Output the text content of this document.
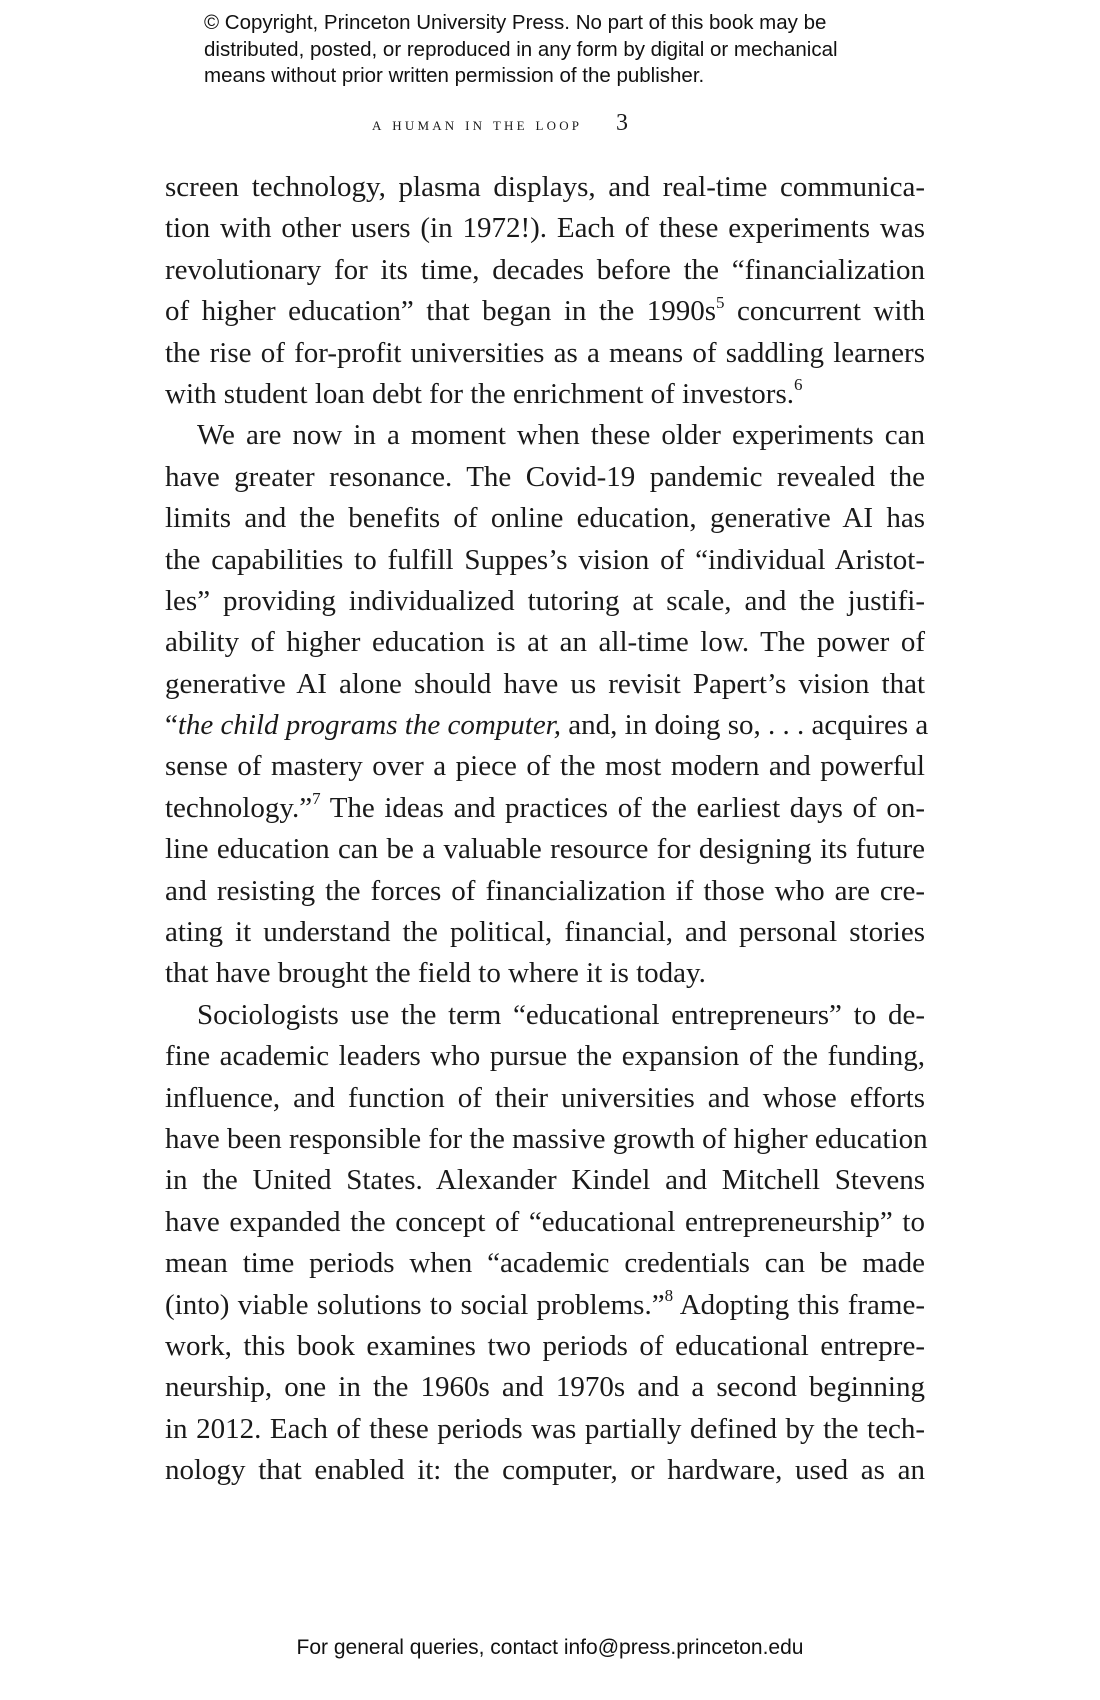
© Copyright, Princeton University Press. No part of this book may be
distributed, posted, or reproduced in any form by digital or mechanical
means without prior written permission of the publisher.
a human in the loop 3
screen technology, plasma displays, and real-time communica-
tion with other users (in 1972!). Each of these experiments was
revolutionary for its time, decades before the “financialization
of higher education” that began in the $1990s^5$ concurrent with
the rise of for-profit universities as a means of saddling learners
with student loan debt for the enrichment of investors.$^6$
We are now in a moment when these older experiments can
have greater resonance. The Covid-19 pandemic revealed the
limits and the benefits of online education, generative AI has
the capabilities to fulfill Suppes’s vision of “individual Aristot-
les” providing individualized tutoring at scale, and the justifi-
ability of higher education is at an all-time low. The power of
generative AI alone should have us revisit Papert’s vision that
“the child programs the computer, and, in doing so, . . . acquires a
sense of mastery over a piece of the most modern and powerful
technology.”$^7$ The ideas and practices of the earliest days of on-
line education can be a valuable resource for designing its future
and resisting the forces of financialization if those who are cre-
ating it understand the political, financial, and personal stories
that have brought the field to where it is today.
Sociologists use the term “educational entrepreneurs” to de-
fine academic leaders who pursue the expansion of the funding,
influence, and function of their universities and whose efforts
have been responsible for the massive growth of higher education
in the United States. Alexander Kindel and Mitchell Stevens
have expanded the concept of “educational entrepreneurship” to
mean time periods when “academic credentials can be made
(into) viable solutions to social problems.”$^8$ Adopting this frame-
work, this book examines two periods of educational entrepre-
neurship, one in the 1960s and 1970s and a second beginning
in 2012. Each of these periods was partially defined by the tech-
nology that enabled it: the computer, or hardware, used as an
For general queries, contact info@press.princeton.edu
